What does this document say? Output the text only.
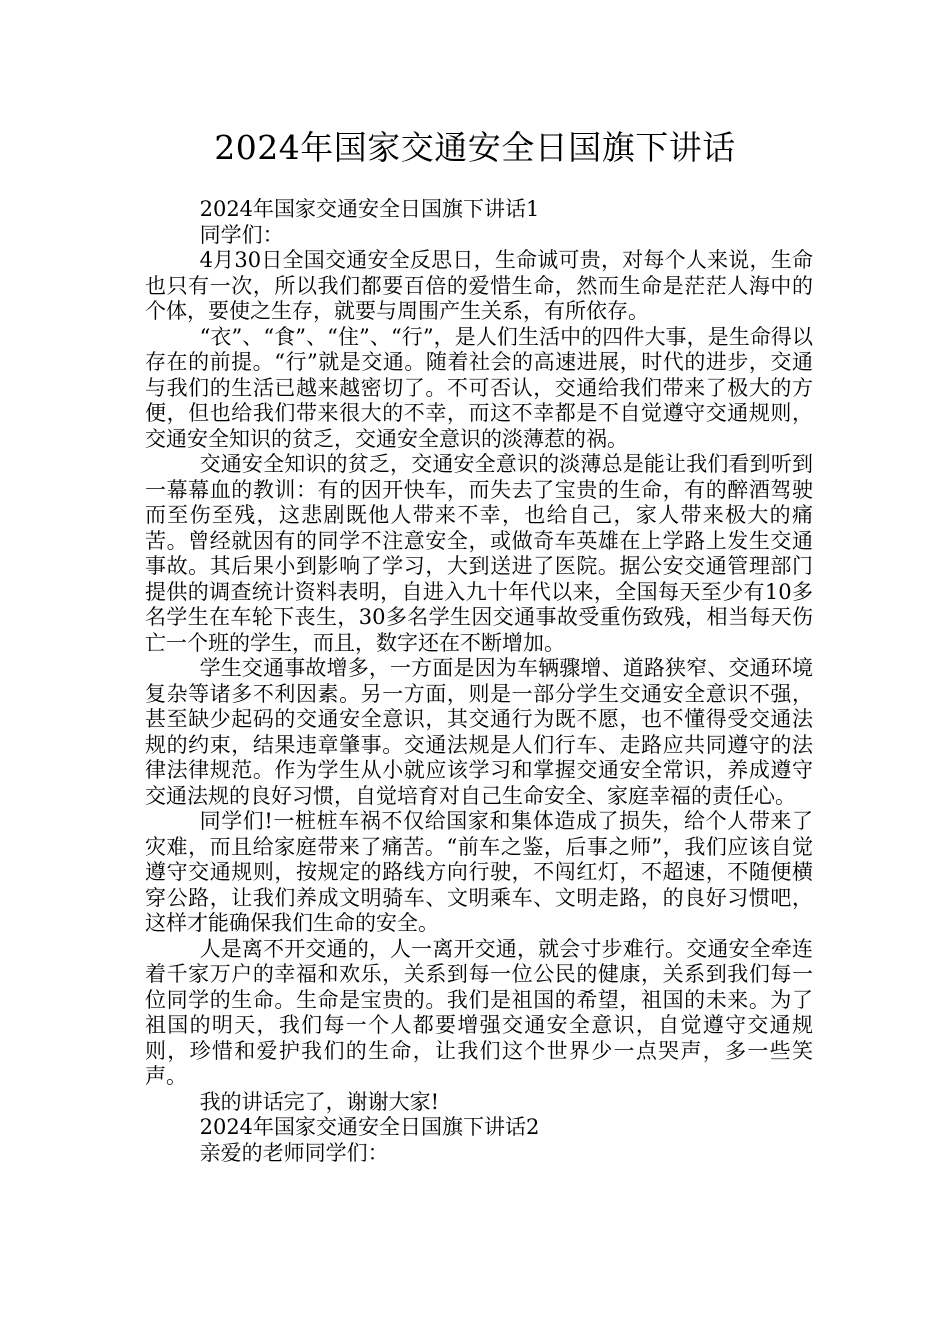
2024年国家交通安全日国旗下讲话

2024年国家交通安全日国旗下讲话1

同学们：

4月30日全国交通安全反思日，生命诚可贵，对每个人来说，生命也只有一次，所以我们都要百倍的爱惜生命，然而生命是茫茫人海中的个体，要使之生存，就要与周围产生关系，有所依存。

“衣”、“食”、“住”、“行”，是人们生活中的四件大事，是生命得以存在的前提。“行”就是交通。随着社会的高速进展，时代的进步，交通与我们的生活已越来越密切了。不可否认，交通给我们带来了极大的方便，但也给我们带来很大的不幸，而这不幸都是不自觉遵守交通规则，交通安全知识的贫乏，交通安全意识的淡薄惹的祸。

交通安全知识的贫乏，交通安全意识的淡薄总是能让我们看到听到一幕幕血的教训：有的因开快车，而失去了宝贵的生命，有的醉酒驾驶而至伤至残，这悲剧既他人带来不幸，也给自己，家人带来极大的痛苦。曾经就因有的同学不注意安全，或做奇车英雄在上学路上发生交通事故。其后果小到影响了学习，大到送进了医院。据公安交通管理部门提供的调查统计资料表明，自进入九十年代以来，全国每天至少有10多名学生在车轮下丧生，30多名学生因交通事故受重伤致残，相当每天伤亡一个班的学生，而且，数字还在不断增加。

学生交通事故增多，一方面是因为车辆骤增、道路狭窄、交通环境复杂等诸多不利因素。另一方面，则是一部分学生交通安全意识不强，甚至缺少起码的交通安全意识，其交通行为既不愿，也不懂得受交通法规的约束，结果违章肇事。交通法规是人们行车、走路应共同遵守的法律法律规范。作为学生从小就应该学习和掌握交通安全常识，养成遵守交通法规的良好习惯，自觉培育对自己生命安全、家庭幸福的责任心。

同学们!一桩桩车祸不仅给国家和集体造成了损失，给个人带来了灾难，而且给家庭带来了痛苦。“前车之鉴，后事之师”，我们应该自觉遵守交通规则，按规定的路线方向行驶，不闯红灯，不超速，不随便横穿公路，让我们养成文明骑车、文明乘车、文明走路，的良好习惯吧，这样才能确保我们生命的安全。

人是离不开交通的，人一离开交通，就会寸步难行。交通安全牵连着千家万户的幸福和欢乐，关系到每一位公民的健康，关系到我们每一位同学的生命。生命是宝贵的。我们是祖国的希望，祖国的未来。为了祖国的明天，我们每一个人都要增强交通安全意识，自觉遵守交通规则，珍惜和爱护我们的生命，让我们这个世界少一点哭声，多一些笑声。

我的讲话完了，谢谢大家!

2024年国家交通安全日国旗下讲话2

亲爱的老师同学们：
